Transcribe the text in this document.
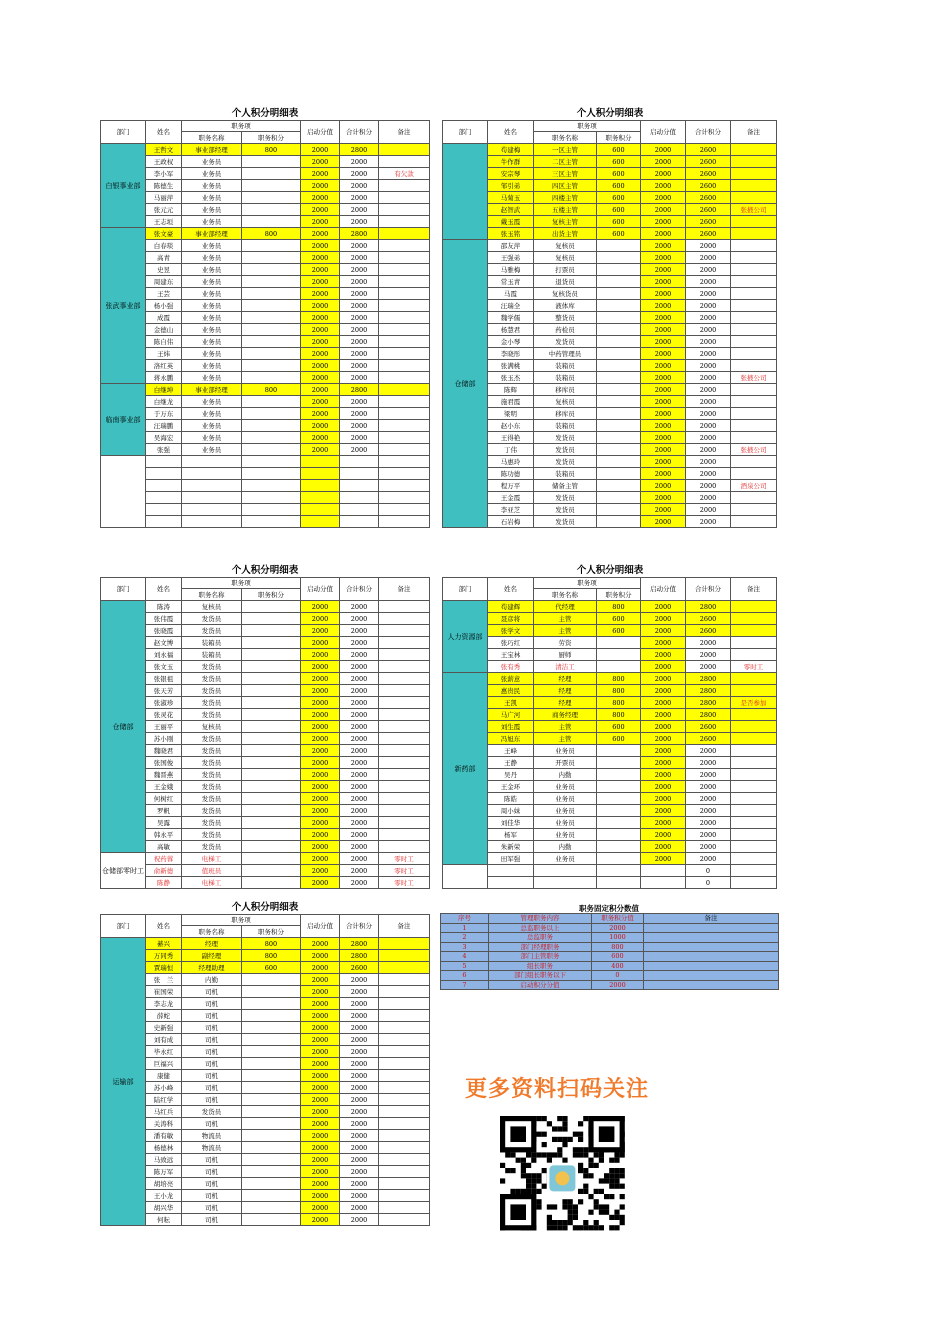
个人积分明细表	个人积分明细表
个人积分明细表	个人积分明细表
个人积分明细表
部门	姓名	职务项		启动分值	合计积分	备注
		职务名称	职务积分			
白银事业部	王哲文	事业部经理	800	2000	2800	
	王政权	业务员		2000	2000	
	李小军	业务员		2000	2000	有欠款
	陈德生	业务员		2000	2000	
	马丽萍	业务员		2000	2000	
	张元元	业务员		2000	2000	
	王志垣	业务员		2000	2000	
张武事业部	张文豪	事业部经理	800	2000	2800	
	白春琰	业务员		2000	2000	
	高青	业务员		2000	2000	
	史昱	业务员		2000	2000	
	周建东	业务员		2000	2000	
	王芸	业务员		2000	2000	
	杨小强	业务员		2000	2000	
	成霞	业务员		2000	2000	
	金德山	业务员		2000	2000	
	陈自伟	业务员		2000	2000	
	王炜	业务员		2000	2000	
	洛红英	业务员		2000	2000	
	蒋永鹏	业务员		2000	2000	
临南事业部	白继坤	事业部经理	800	2000	2800	
	白继龙	业务员		2000	2000	
	于万东	业务员		2000	2000	
	汪瑞鹏	业务员		2000	2000	
	吴海宏	业务员		2000	2000	
	张强	业务员		2000	2000	

部门	姓名	职务项		启动分值	合计积分	备注
		职务名称	职务积分			
	苟建梅	一区主管	600	2000	2600	
	牛作群	二区主管	600	2000	2600	
	安宗琴	三区主管	600	2000	2600	
	邹引弟	四区主管	600	2000	2600	
	马菊玉	四楼主管	600	2000	2600	
	赵智武	五楼主管	600	2000	2600	张掖公司
	戴玉霞	复核主管	600	2000	2600	
	张玉铭	出货主管	600	2000	2600	
仓储部	邵友萍	复核员		2000	2000	
	王强弟	复核员		2000	2000	
	马雅梅	打票员		2000	2000	
	常玉青	退货员		2000	2000	
	马霞	复核货员		2000	2000	
	汪瑞全	液体库		2000	2000	
	魏学儒	整货员		2000	2000	
	杨慧君	药检员		2000	2000	
	金小琴	发货员		2000	2000	
	李晓彤	中药管理员		2000	2000	
	张满桃	装箱员		2000	2000	
	张玉杰	装箱员		2000	2000	张掖公司
	陈辉	移库员		2000	2000	
	施君霞	复核员		2000	2000	
	梁明	移库员		2000	2000	
	赵小东	装箱员		2000	2000	
	王得艳	发货员		2000	2000	
	丁伟	发货员		2000	2000	张掖公司
	马惠玲	发货员		2000	2000	
	陈功德	装箱员		2000	2000	
	程万平	储备主管		2000	2000	酒泉公司
	王金霞	发货员		2000	2000	
	李亚芝	发货员		2000	2000	
	石岩梅	发货员		2000	2000	
部门	姓名	职务项		启动分值	合计积分	备注
		职务名称	职务积分			
仓储部	陈涛	复核员		2000	2000	
	张伟霞	发货员		2000	2000	
	张晓霞	发货员		2000	2000	
	赵文博	装箱员		2000	2000	
	刘永福	装箱员		2000	2000	
	张文玉	发货员		2000	2000	
	张银祖	发货员		2000	2000	
	张天芳	发货员		2000	2000	
	张淑珍	发货员		2000	2000	
	张灵花	发货员		2000	2000	
	王丽平	复核员		2000	2000	
	苏小刚	发货员		2000	2000	
	魏晓君	发货员		2000	2000	
	张国俊	发货员		2000	2000	
	魏晋燕	发货员		2000	2000	
	王金娥	发货员		2000	2000	
	何树红	发货员		2000	2000	
	罗帆	发货员		2000	2000	
	吴露	发货员		2000	2000	
	韩永平	发货员		2000	2000	
	高敏	发货员		2000	2000	
仓储部零时工	祝药蓉	电梯工		2000	2000	零时工
	俞新德	值班员		2000	2000	零时工
	陈静	电梯工		2000	2000	零时工
部门	姓名	职务项		启动分值	合计积分	备注
		职务名称	职务积分			
人力资源部	苟建辉	代经理	800	2000	2800	
	聂彦将	主管	600	2000	2600	
	张学文	主管	600	2000	2600	
	张巧红	劳资		2000	2000	
	王宝林	厨师		2000	2000	
	张有秀	清洁工		2000	2000	零时工
新药部	张薪意	经理	800	2000	2800	
	惠贵民	经理	800	2000	2800	
	王凯	经理	800	2000	2800	是否参加
	马广河	商务经理	800	2000	2800	
	刘生霞	主管	600	2000	2600	
	冯旭东	主管	600	2000	2600	
	王峰	业务员		2000	2000	
	王静	开票员		2000	2000	
	吴丹	内勤		2000	2000	
	王金环	业务员		2000	2000	
	陈皓	业务员		2000	2000	
	周小妹	业务员		2000	2000	
	刘佳华	业务员		2000	2000	
	杨军	业务员		2000	2000	
	朱新荣	内勤		2000	2000	
	田军强	业务员		2000	2000	
					0	
					0	
部门	姓名	职务项		启动分值	合计积分	备注
		职务名称	职务积分			
运输部	綦兴	经理	800	2000	2800	
	万同秀	副经理	800	2000	2800	
	賈瑞恒	经理助理	600	2000	2600	
	张　兰	内勤		2000	2000	
	崔国荣	司机		2000	2000	
	李志龙	司机		2000	2000	
	薛蛇	司机		2000	2000	
	史新强	司机		2000	2000	
	刘有成	司机		2000	2000	
	毕永红	司机		2000	2000	
	巨福兴	司机		2000	2000	
	康健	司机		2000	2000	
	苏小峰	司机		2000	2000	
	陆红学	司机		2000	2000	
	马红兵	发货员		2000	2000	
	关涛科	司机		2000	2000	
	潘有敏	物流员		2000	2000	
	杨德林	物流员		2000	2000	
	马致远	司机		2000	2000	
	陈万军	司机		2000	2000	
	胡培亮	司机		2000	2000	
	王小龙	司机		2000	2000	
	胡兴华	司机		2000	2000	
	何耘	司机		2000	2000	
职务固定积分数值
序号	管理职务内容	职务积分值	备注
1	总监职务以上	2000	
2	总监职务	1000	
3	部门经理职务	800	
4	部门主管职务	600	
5	组长职务	400	
6	部门组长职务以下	0	
7	启动积分分值	2000	
更多资料扫码关注
